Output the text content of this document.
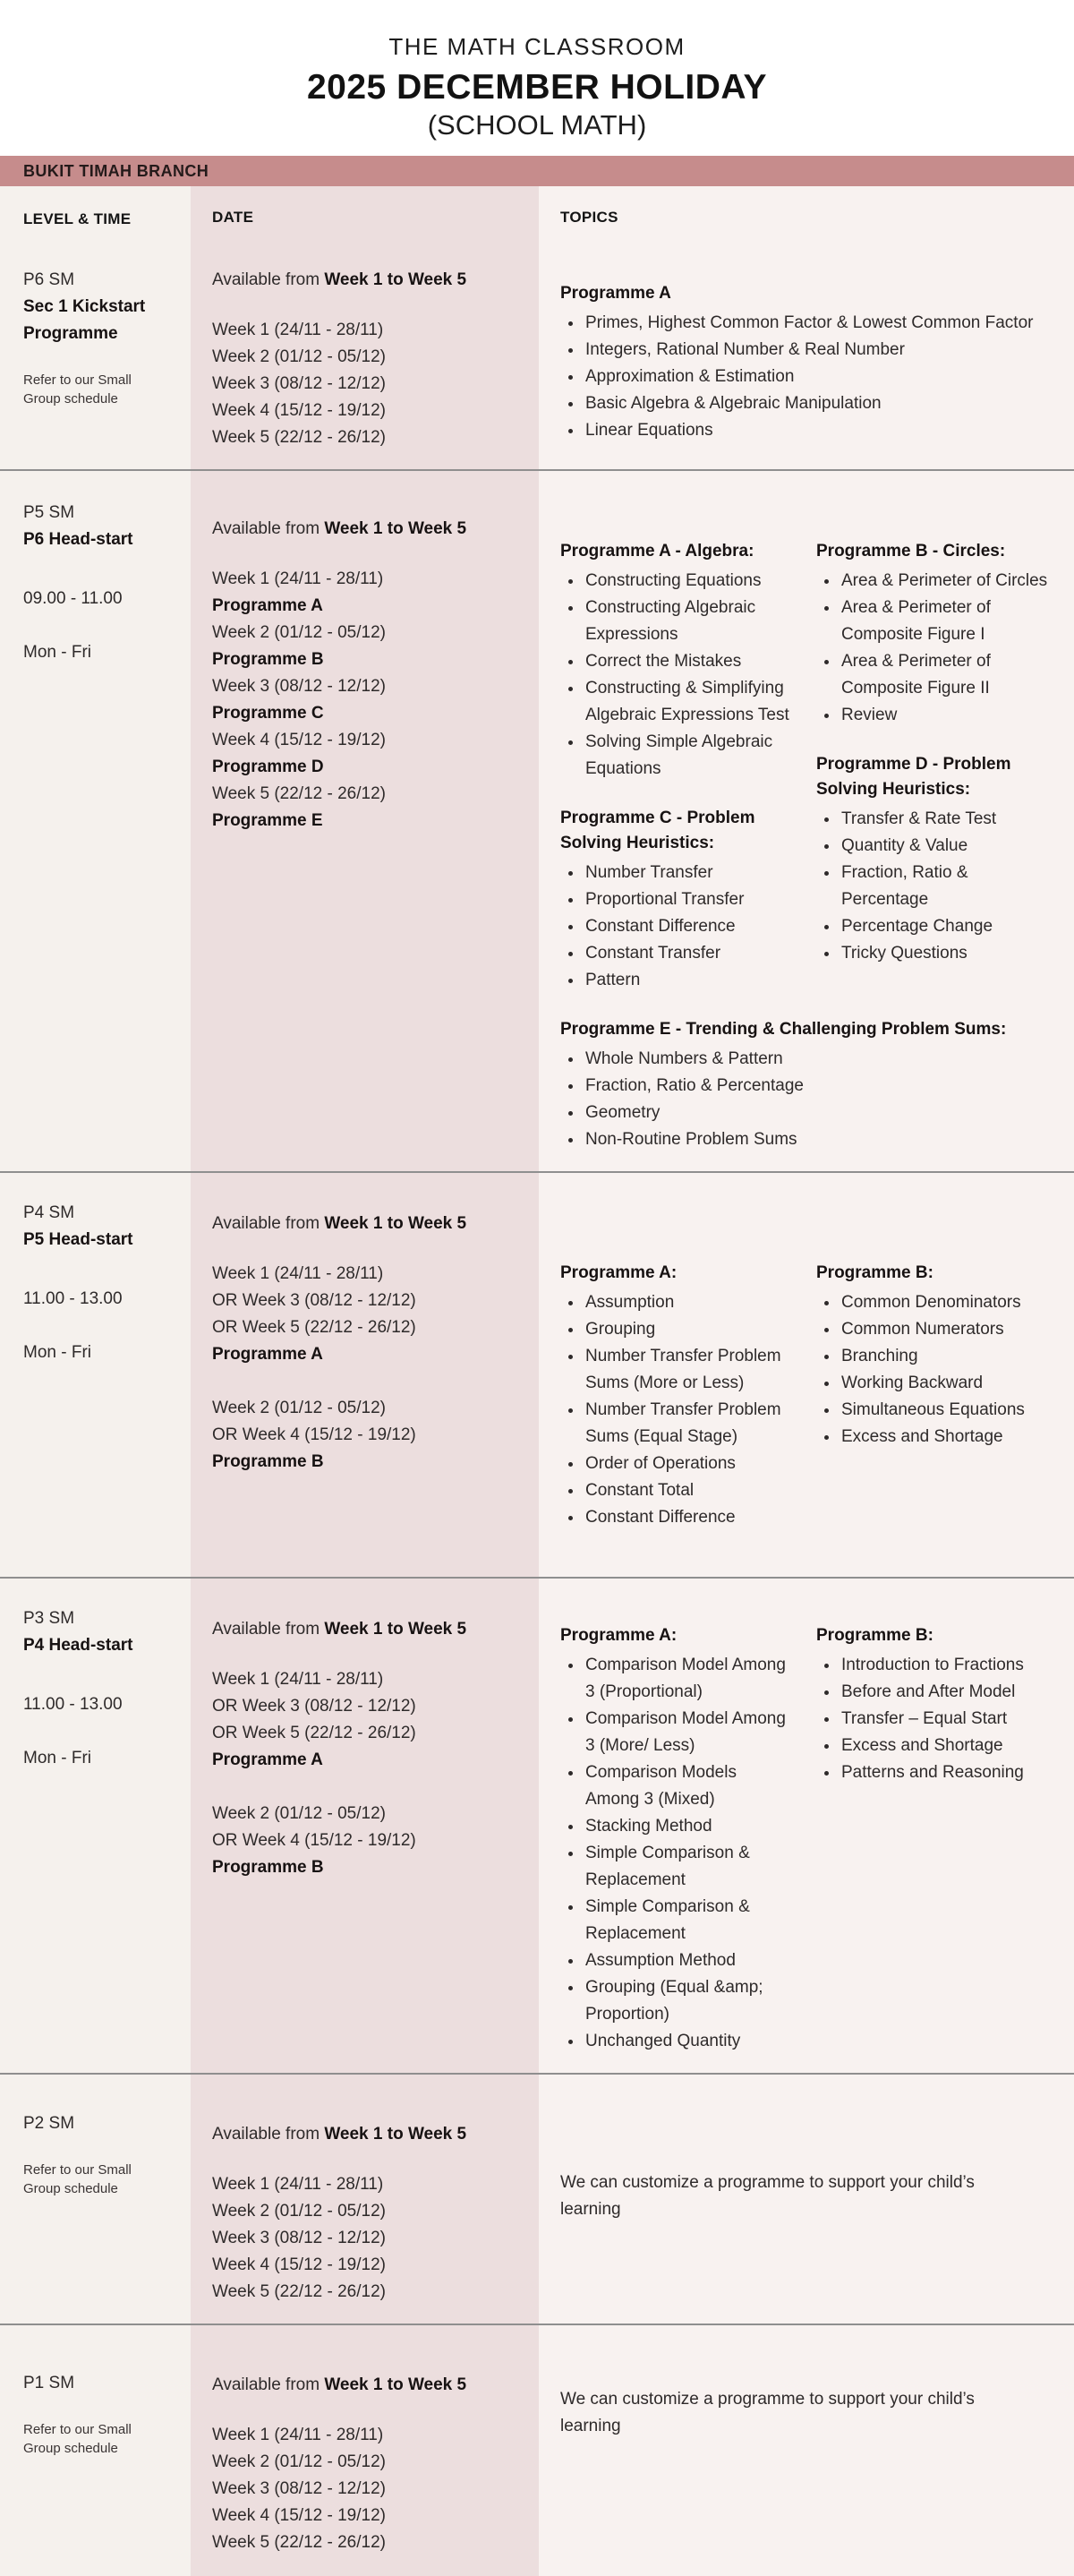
THE MATH CLASSROOM
2025 DECEMBER HOLIDAY
(SCHOOL MATH)
BUKIT TIMAH BRANCH
LEVEL & TIME	DATE	TOPICS
P6 SM
Sec 1 Kickstart Programme
Refer to our Small Group schedule
Available from Week 1 to Week 5
Week 1 (24/11 - 28/11)
Week 2 (01/12 - 05/12)
Week 3 (08/12 - 12/12)
Week 4 (15/12 - 19/12)
Week 5 (22/12 - 26/12)
Programme A
• Primes, Highest Common Factor & Lowest Common Factor
• Integers, Rational Number & Real Number
• Approximation & Estimation
• Basic Algebra & Algebraic Manipulation
• Linear Equations
P5 SM
P6 Head-start
09.00 - 11.00
Mon - Fri
Available from Week 1 to Week 5
Week 1 (24/11 - 28/11)
Programme A
Week 2 (01/12 - 05/12)
Programme B
Week 3 (08/12 - 12/12)
Programme C
Week 4 (15/12 - 19/12)
Programme D
Week 5 (22/12 - 26/12)
Programme E
Programme A - Algebra:
• Constructing Equations
• Constructing Algebraic Expressions
• Correct the Mistakes
• Constructing & Simplifying Algebraic Expressions Test
• Solving Simple Algebraic Equations
Programme C - Problem Solving Heuristics:
• Number Transfer
• Proportional Transfer
• Constant Difference
• Constant Transfer
• Pattern
Programme B - Circles:
• Area & Perimeter of Circles
• Area & Perimeter of Composite Figure I
• Area & Perimeter of Composite Figure II
• Review
Programme D - Problem Solving Heuristics:
• Transfer & Rate Test
• Quantity & Value
• Fraction, Ratio & Percentage
• Percentage Change
• Tricky Questions
Programme E - Trending & Challenging Problem Sums:
• Whole Numbers & Pattern
• Fraction, Ratio & Percentage
• Geometry
• Non-Routine Problem Sums
P4 SM
P5 Head-start
11.00 - 13.00
Mon - Fri
Available from Week 1 to Week 5
Week 1 (24/11 - 28/11)
OR Week 3 (08/12 - 12/12)
OR Week 5 (22/12 - 26/12)
Programme A
Week 2 (01/12 - 05/12)
OR Week 4 (15/12 - 19/12)
Programme B
Programme A:
• Assumption
• Grouping
• Number Transfer Problem Sums (More or Less)
• Number Transfer Problem Sums (Equal Stage)
• Order of Operations
• Constant Total
• Constant Difference
Programme B:
• Common Denominators
• Common Numerators
• Branching
• Working Backward
• Simultaneous Equations
• Excess and Shortage
P3 SM
P4 Head-start
11.00 - 13.00
Mon - Fri
Available from Week 1 to Week 5
Week 1 (24/11 - 28/11)
OR Week 3 (08/12 - 12/12)
OR Week 5 (22/12 - 26/12)
Programme A
Week 2 (01/12 - 05/12)
OR Week 4 (15/12 - 19/12)
Programme B
Programme A:
• Comparison Model Among 3 (Proportional)
• Comparison Model Among 3 (More/ Less)
• Comparison Models Among 3 (Mixed)
• Stacking Method
• Simple Comparison & Replacement
• Simple Comparison & Replacement
• Assumption Method
• Grouping (Equal &amp; Proportion)
• Unchanged Quantity
Programme B:
• Introduction to Fractions
• Before and After Model
• Transfer – Equal Start
• Excess and Shortage
• Patterns and Reasoning
P2 SM
Refer to our Small Group schedule
Available from Week 1 to Week 5
Week 1 (24/11 - 28/11)
Week 2 (01/12 - 05/12)
Week 3 (08/12 - 12/12)
Week 4 (15/12 - 19/12)
Week 5 (22/12 - 26/12)
We can customize a programme to support your child’s learning
P1 SM
Refer to our Small Group schedule
Available from Week 1 to Week 5
Week 1 (24/11 - 28/11)
Week 2 (01/12 - 05/12)
Week 3 (08/12 - 12/12)
Week 4 (15/12 - 19/12)
Week 5 (22/12 - 26/12)
We can customize a programme to support your child’s learning
